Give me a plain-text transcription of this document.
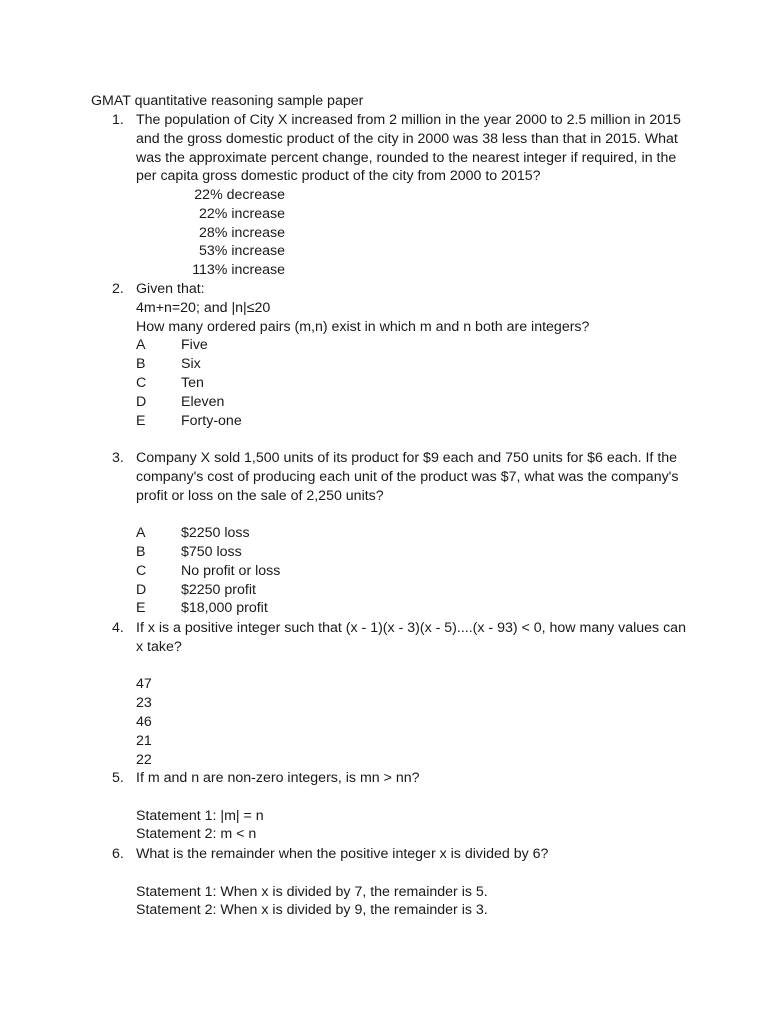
GMAT quantitative reasoning sample paper
1. The population of City X increased from 2 million in the year 2000 to 2.5 million in 2015
and the gross domestic product of the city in 2000 was 38 less than that in 2015. What
was the approximate percent change, rounded to the nearest integer if required, in the
per capita gross domestic product of the city from 2000 to 2015?
22% decrease
22% increase
28% increase
53% increase
113% increase
2. Given that:
4m+n=20; and |n|≤20
How many ordered pairs (m,n) exist in which m and n both are integers?
A	Five
B	Six
C Ten
D Eleven
E	Forty-one
3. Company X sold 1,500 units of its product for $9 each and 750 units for $6 each. If the
company's cost of producing each unit of the product was $7, what was the company's
profit or loss on the sale of 2,250 units?
A	$2250 loss
B	$750 loss
C No profit or loss
D $2250 profit
E	$18,000 profit
4. If x is a positive integer such that (x - 1)(x - 3)(x - 5)....(x - 93) < 0, how many values can
x take?
47
23
46
21
22
5. If m and n are non-zero integers, is mn > nn?
Statement 1: |m| = n
Statement 2: m < n
6. What is the remainder when the positive integer x is divided by 6?
Statement 1: When x is divided by 7, the remainder is 5.
Statement 2: When x is divided by 9, the remainder is 3.
